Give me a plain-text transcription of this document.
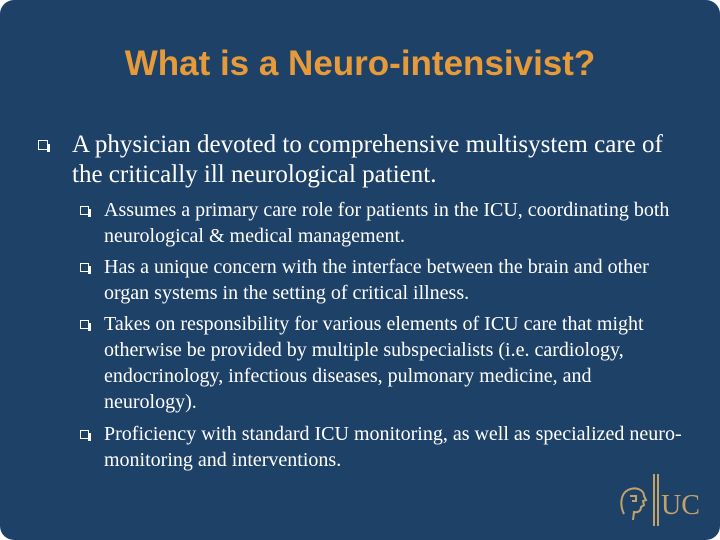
What is a Neuro-intensivist?
A physician devoted to comprehensive multisystem care of the critically ill neurological patient.
Assumes a primary care role for patients in the ICU, coordinating both neurological & medical management.
Has a unique concern with the interface between the brain and other organ systems in the setting of critical illness.
Takes on responsibility for various elements of ICU care that might otherwise be provided by multiple subspecialists (i.e. cardiology, endocrinology, infectious diseases, pulmonary medicine, and neurology).
Proficiency with standard ICU monitoring, as well as specialized neuro-monitoring and interventions.
UC
